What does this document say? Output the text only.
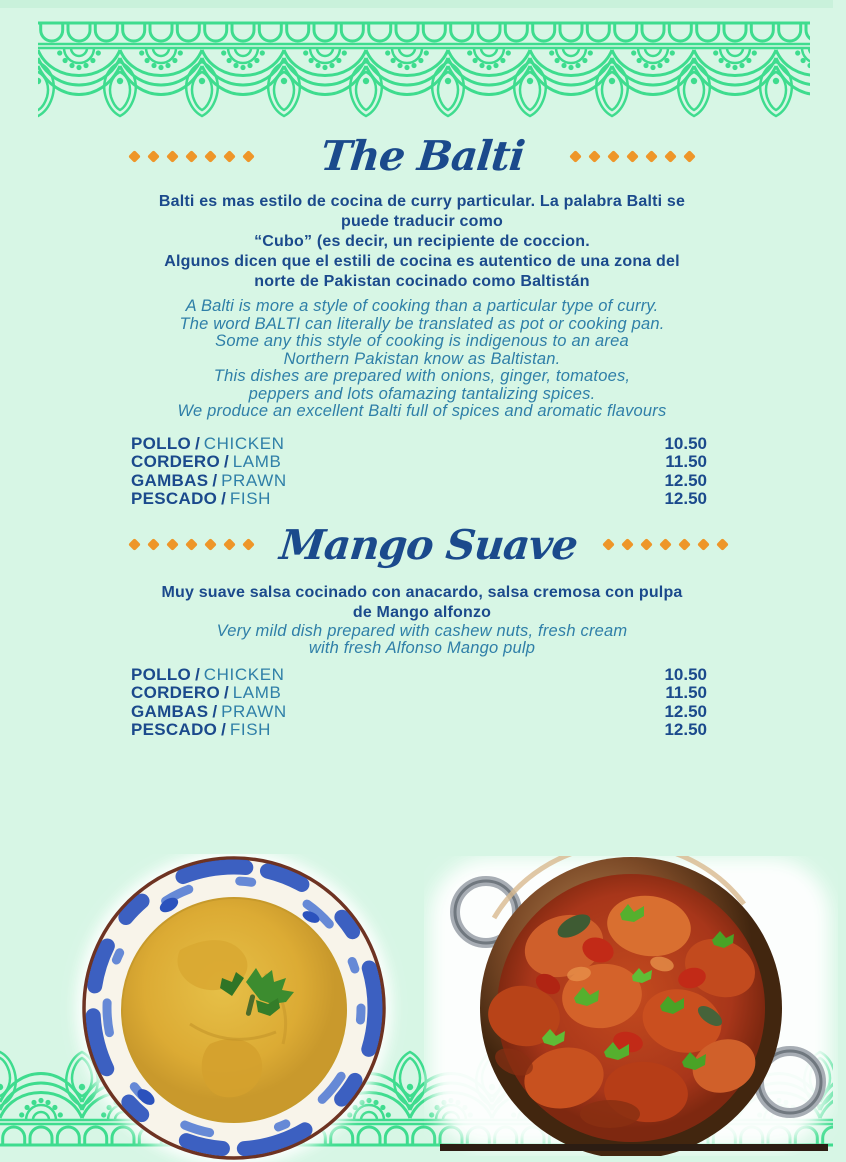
The Balti
Balti es mas estilo de cocina de curry particular. La palabra Balti se
puede traducir como
“Cubo” (es decir, un recipiente de coccion.
Algunos dicen que el estili de cocina es autentico de una zona del
norte de Pakistan cocinado como Baltistán
A Balti is more a style of cooking than a particular type of curry.
The word BALTI can literally be translated as pot or cooking pan.
Some any this style of cooking is indigenous to an area
Northern Pakistan know as Baltistan.
This dishes are prepared with onions, ginger, tomatoes,
peppers and lots ofamazing tantalizing spices.
We produce an excellent Balti full of spices and aromatic flavours
POLLO / CHICKEN	10.50
CORDERO / LAMB	11.50
GAMBAS / PRAWN	12.50
PESCADO / FISH	12.50
Mango Suave
Muy suave salsa cocinado con anacardo, salsa cremosa con pulpa
de Mango alfonzo
Very mild dish prepared with cashew nuts, fresh cream
with fresh Alfonso Mango pulp
POLLO / CHICKEN	10.50
CORDERO / LAMB	11.50
GAMBAS / PRAWN	12.50
PESCADO / FISH	12.50
